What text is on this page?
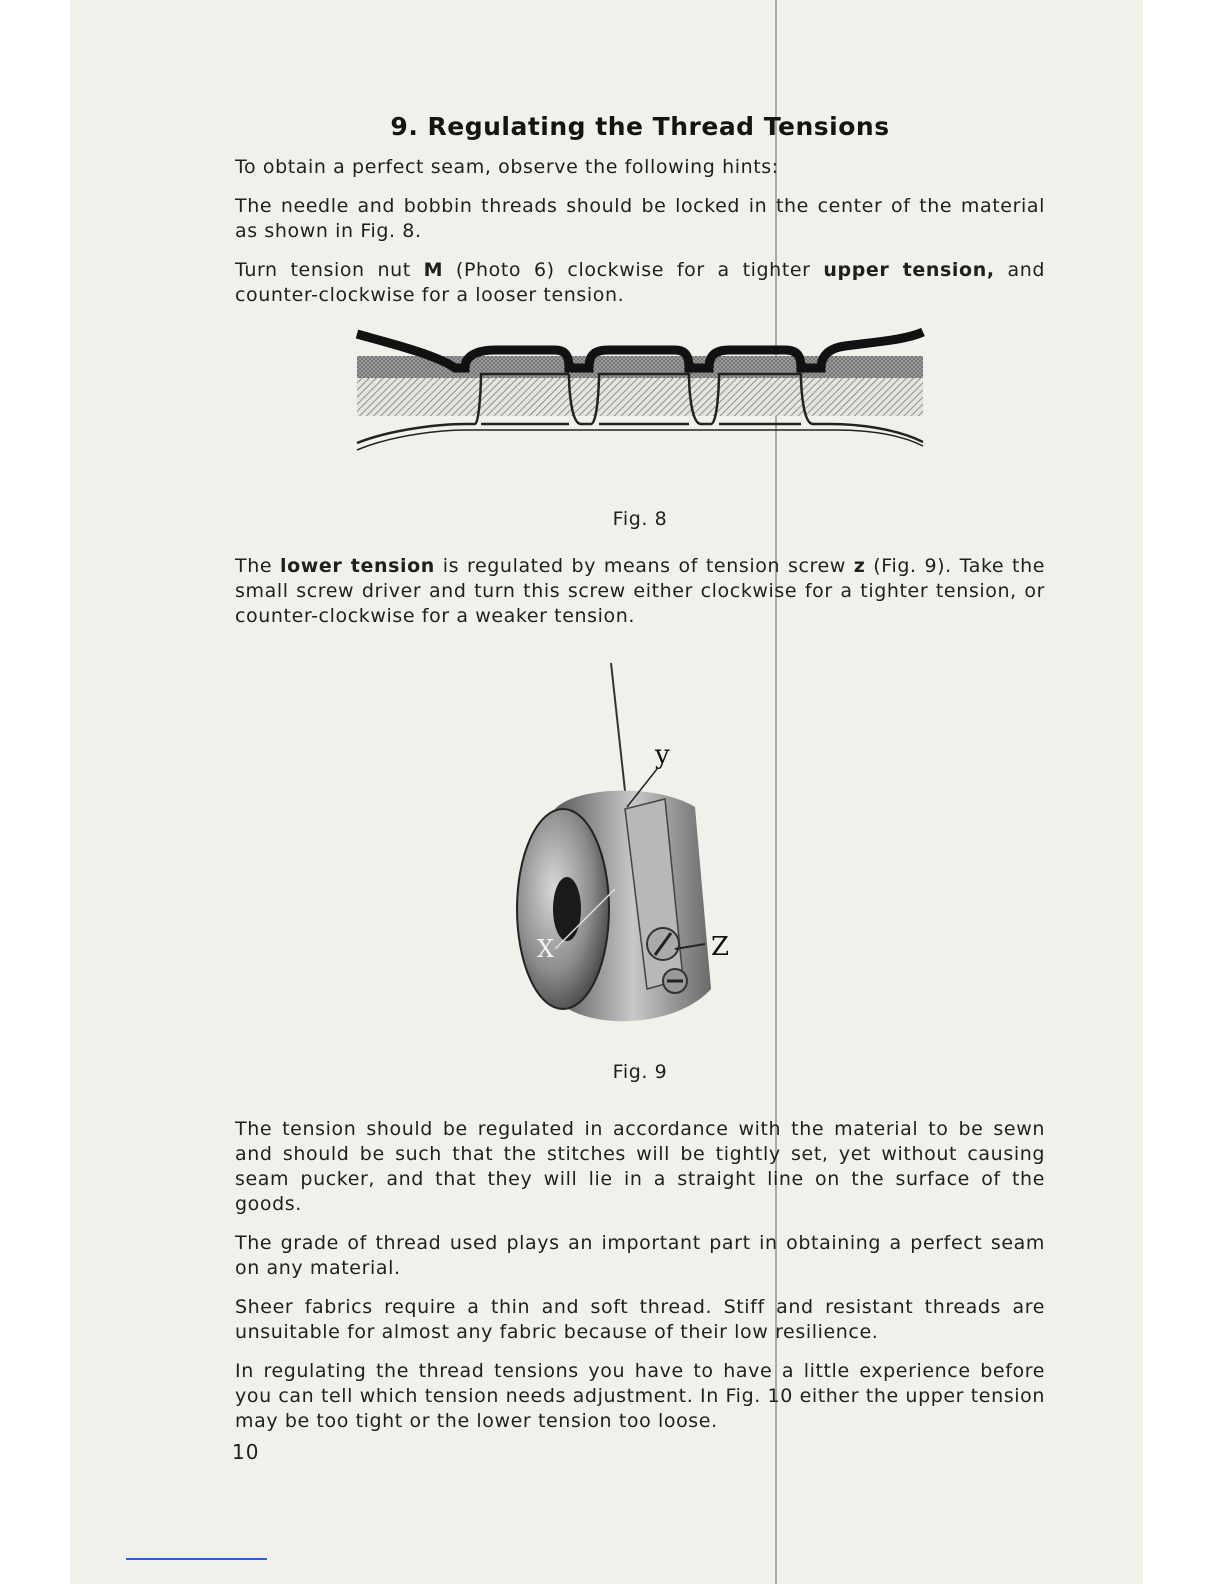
9. Regulating the Thread Tensions

To obtain a perfect seam, observe the following hints:

The needle and bobbin threads should be locked in the center of the material as shown in Fig. 8.

Turn tension nut M (Photo 6) clockwise for a tighter upper tension, and counter-clockwise for a looser tension.

Fig. 8

The lower tension is regulated by means of tension screw z (Fig. 9). Take the small screw driver and turn this screw either clockwise for a tighter tension, or counter-clockwise for a weaker tension.

y
X	Z
Fig. 9

The tension should be regulated in accordance with the material to be sewn and should be such that the stitches will be tightly set, yet without causing seam pucker, and that they will lie in a straight line on the surface of the goods.

The grade of thread used plays an important part in obtaining a perfect seam on any material.

Sheer fabrics require a thin and soft thread. Stiff and resistant threads are unsuitable for almost any fabric because of their low resilience.

In regulating the thread tensions you have to have a little experience before you can tell which tension needs adjustment. In Fig. 10 either the upper tension may be too tight or the lower tension too loose.

10
